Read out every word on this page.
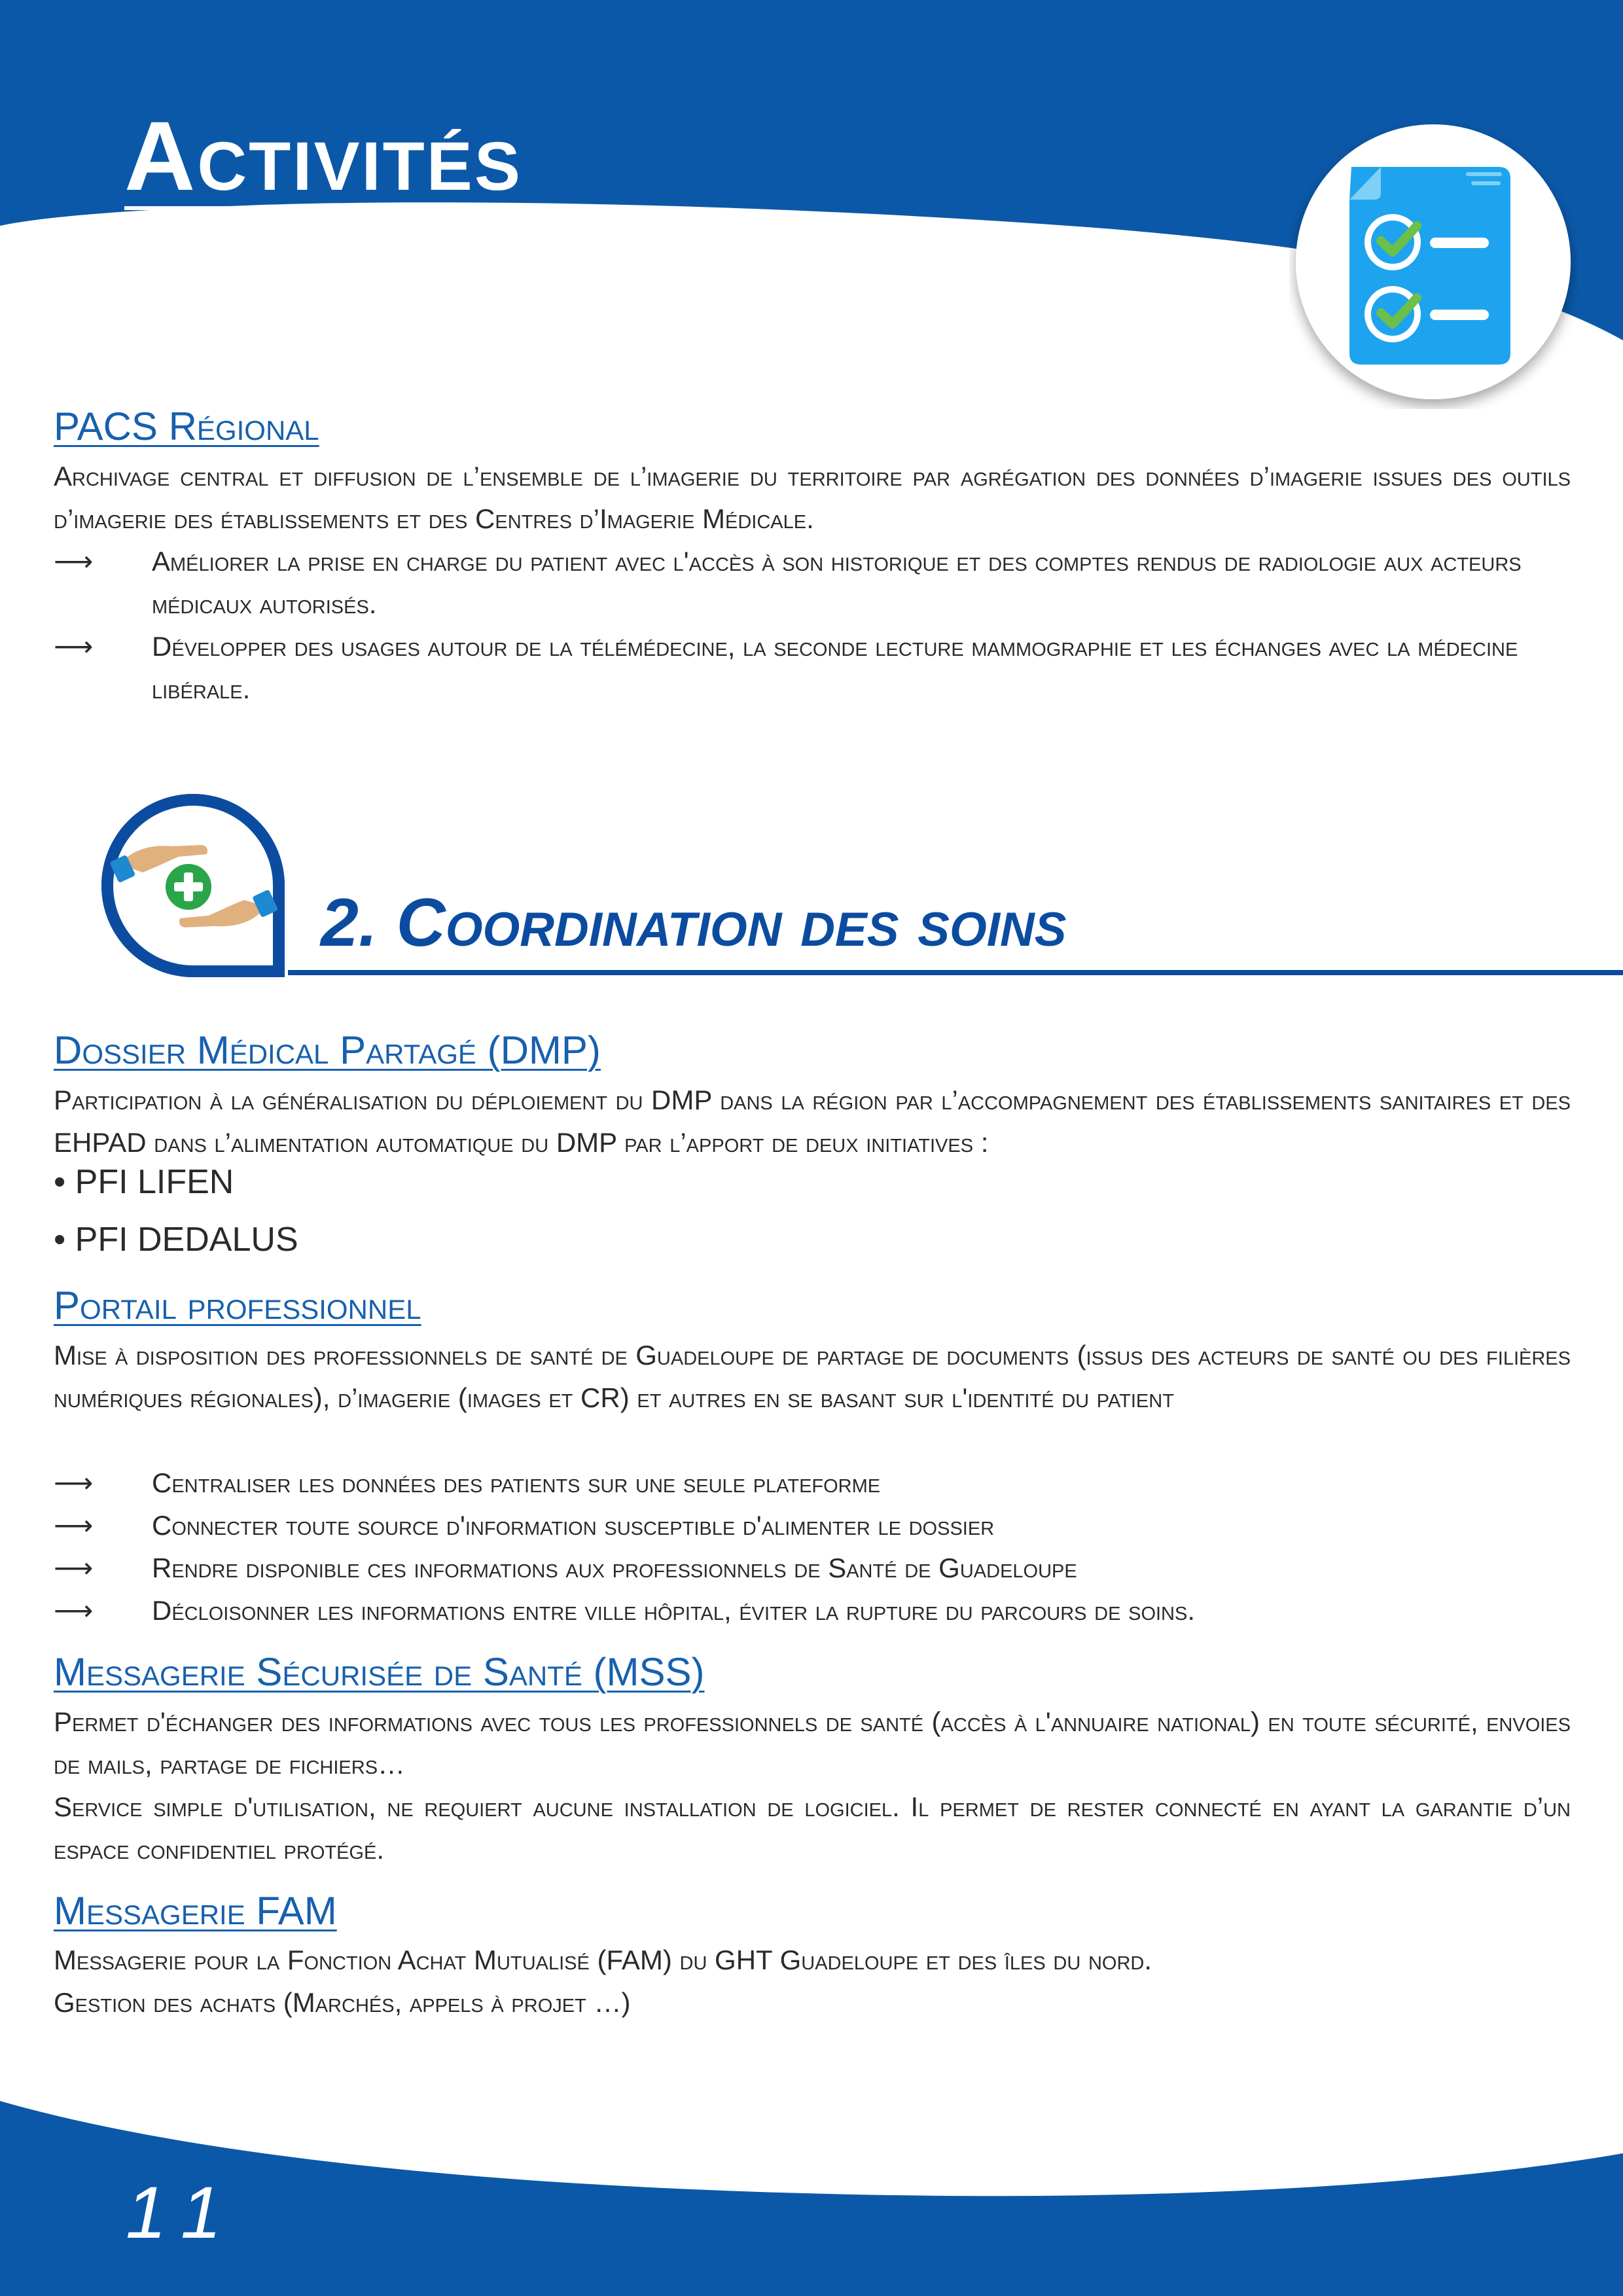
Activités
PACS Régional

Archivage central et diffusion de l’ensemble de l’imagerie du territoire par agrégation des données d’imagerie issues des outils d’imagerie des établissements et des Centres d’Imagerie Médicale.

⟶ Améliorer la prise en charge du patient avec l'accès à son historique et des comptes rendus de radiologie aux acteurs médicaux autorisés.
⟶ Développer des usages autour de la télémédecine, la seconde lecture mammographie et les échanges avec la médecine libérale.
2. Coordination des soins
Dossier Médical Partagé (DMP)

Participation à la généralisation du déploiement du DMP dans la région par l’accompagnement des établissements sanitaires et des EHPAD dans l’alimentation automatique du DMP par l’apport de deux initiatives :

• PFI LIFEN
• PFI DEDALUS
Portail professionnel

Mise à disposition des professionnels de santé de Guadeloupe de partage de documents (issus des acteurs de santé ou des filières numériques régionales), d’imagerie (images et CR) et autres en se basant sur l'identité du patient

⟶ Centraliser les données des patients sur une seule plateforme
⟶ Connecter toute source d'information susceptible d'alimenter le dossier
⟶ Rendre disponible ces informations aux professionnels de Santé de Guadeloupe
⟶ Décloisonner les informations entre ville hôpital, éviter la rupture du parcours de soins.
Messagerie Sécurisée de Santé (MSS)

Permet d'échanger des informations avec tous les professionnels de santé (accès à l'annuaire national) en toute sécurité, envoies de mails, partage de fichiers…

Service simple d'utilisation, ne requiert aucune installation de logiciel. Il permet de rester connecté en ayant la garantie d’un espace confidentiel protégé.

Messagerie FAM

Messagerie pour la Fonction Achat Mutualisé (FAM) du GHT Guadeloupe et des îles du nord.

Gestion des achats (Marchés, appels à projet …)

11
